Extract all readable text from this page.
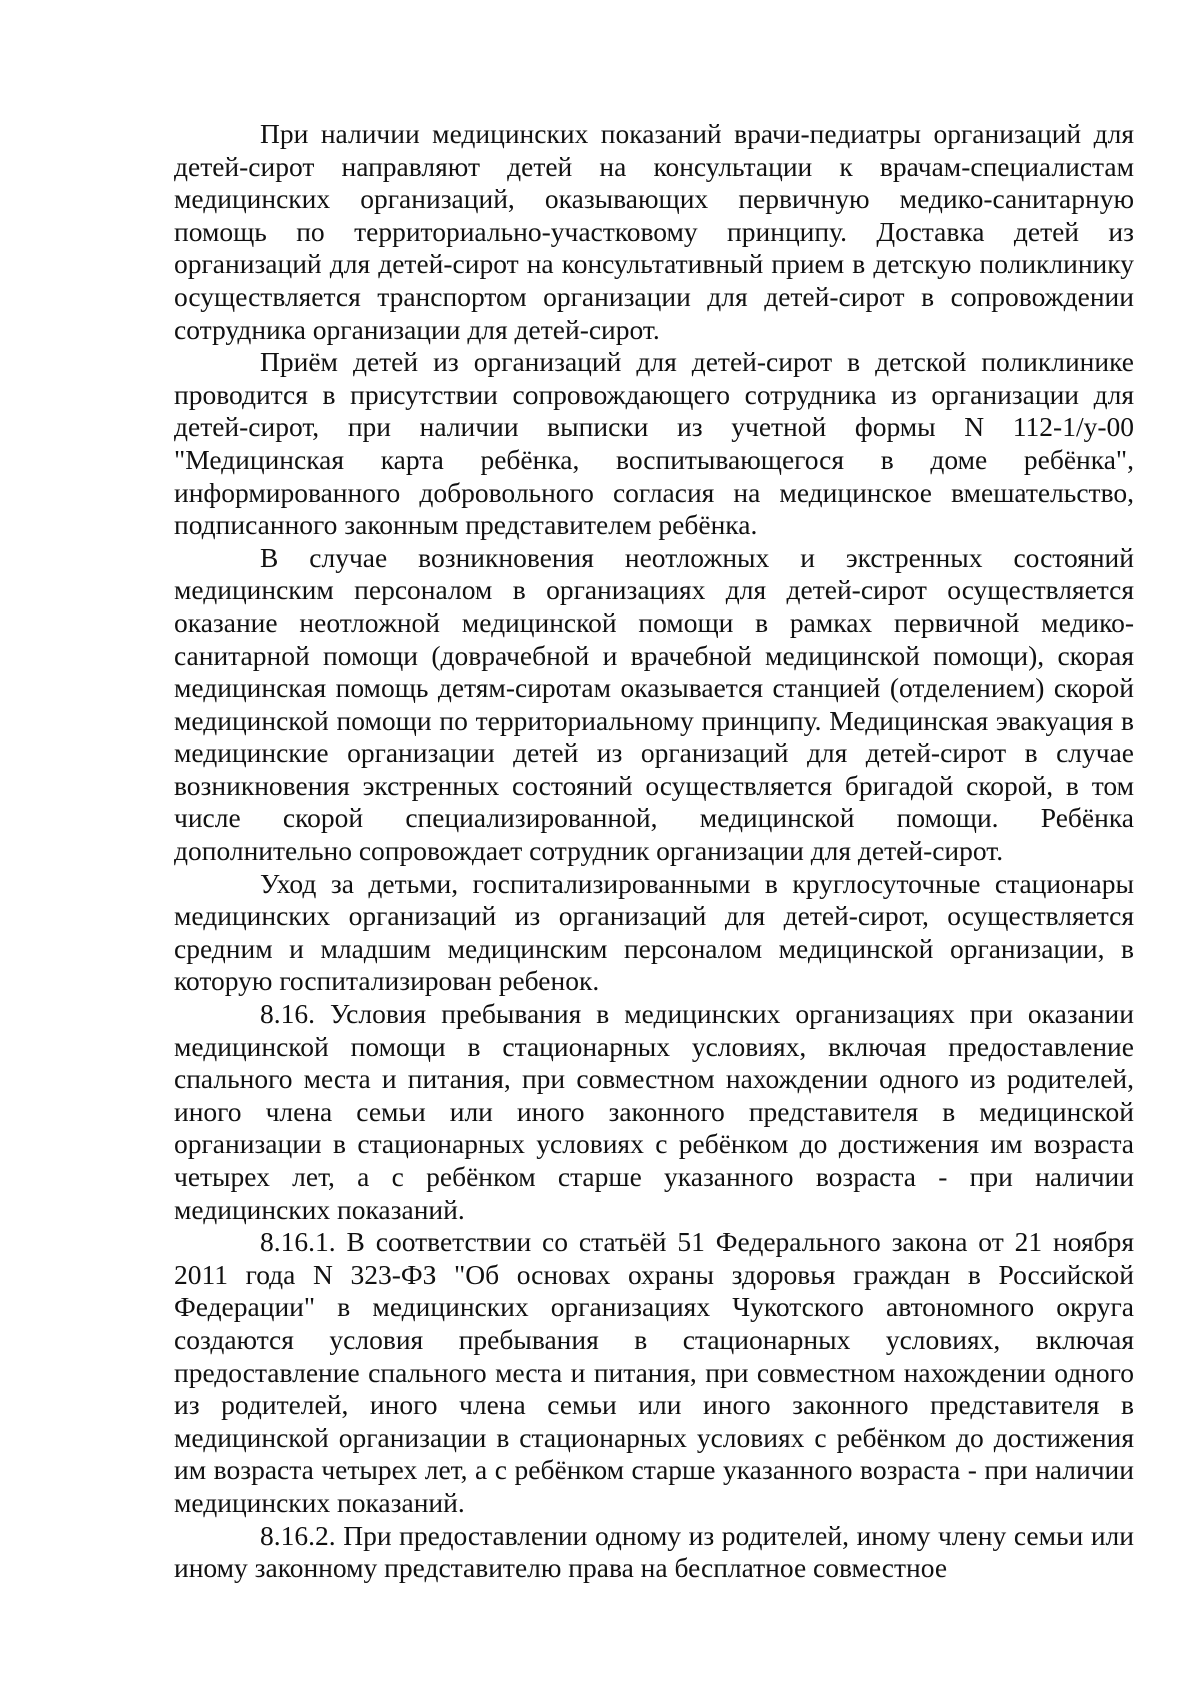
При наличии медицинских показаний врачи-педиатры организаций для детей-сирот направляют детей на консультации к врачам-специалистам медицинских организаций, оказывающих первичную медико-санитарную помощь по территориально-участковому принципу. Доставка детей из организаций для детей-сирот на консультативный прием в детскую поликлинику осуществляется транспортом организации для детей-сирот в сопровождении сотрудника организации для детей-сирот.

Приём детей из организаций для детей-сирот в детской поликлинике проводится в присутствии сопровождающего сотрудника из организации для детей-сирот, при наличии выписки из учетной формы N 112-1/у-00 "Медицинская карта ребёнка, воспитывающегося в доме ребёнка", информированного добровольного согласия на медицинское вмешательство, подписанного законным представителем ребёнка.

В случае возникновения неотложных и экстренных состояний медицинским персоналом в организациях для детей-сирот осуществляется оказание неотложной медицинской помощи в рамках первичной медико-санитарной помощи (доврачебной и врачебной медицинской помощи), скорая медицинская помощь детям-сиротам оказывается станцией (отделением) скорой медицинской помощи по территориальному принципу. Медицинская эвакуация в медицинские организации детей из организаций для детей-сирот в случае возникновения экстренных состояний осуществляется бригадой скорой, в том числе скорой специализированной, медицинской помощи. Ребёнка дополнительно сопровождает сотрудник организации для детей-сирот.

Уход за детьми, госпитализированными в круглосуточные стационары медицинских организаций из организаций для детей-сирот, осуществляется средним и младшим медицинским персоналом медицинской организации, в которую госпитализирован ребенок.

8.16. Условия пребывания в медицинских организациях при оказании медицинской помощи в стационарных условиях, включая предоставление спального места и питания, при совместном нахождении одного из родителей, иного члена семьи или иного законного представителя в медицинской организации в стационарных условиях с ребёнком до достижения им возраста четырех лет, а с ребёнком старше указанного возраста - при наличии медицинских показаний.

8.16.1. В соответствии со статьёй 51 Федерального закона от 21 ноября 2011 года N 323-ФЗ "Об основах охраны здоровья граждан в Российской Федерации" в медицинских организациях Чукотского автономного округа создаются условия пребывания в стационарных условиях, включая предоставление спального места и питания, при совместном нахождении одного из родителей, иного члена семьи или иного законного представителя в медицинской организации в стационарных условиях с ребёнком до достижения им возраста четырех лет, а с ребёнком старше указанного возраста - при наличии медицинских показаний.

8.16.2. При предоставлении одному из родителей, иному члену семьи или иному законному представителю права на бесплатное совместное
